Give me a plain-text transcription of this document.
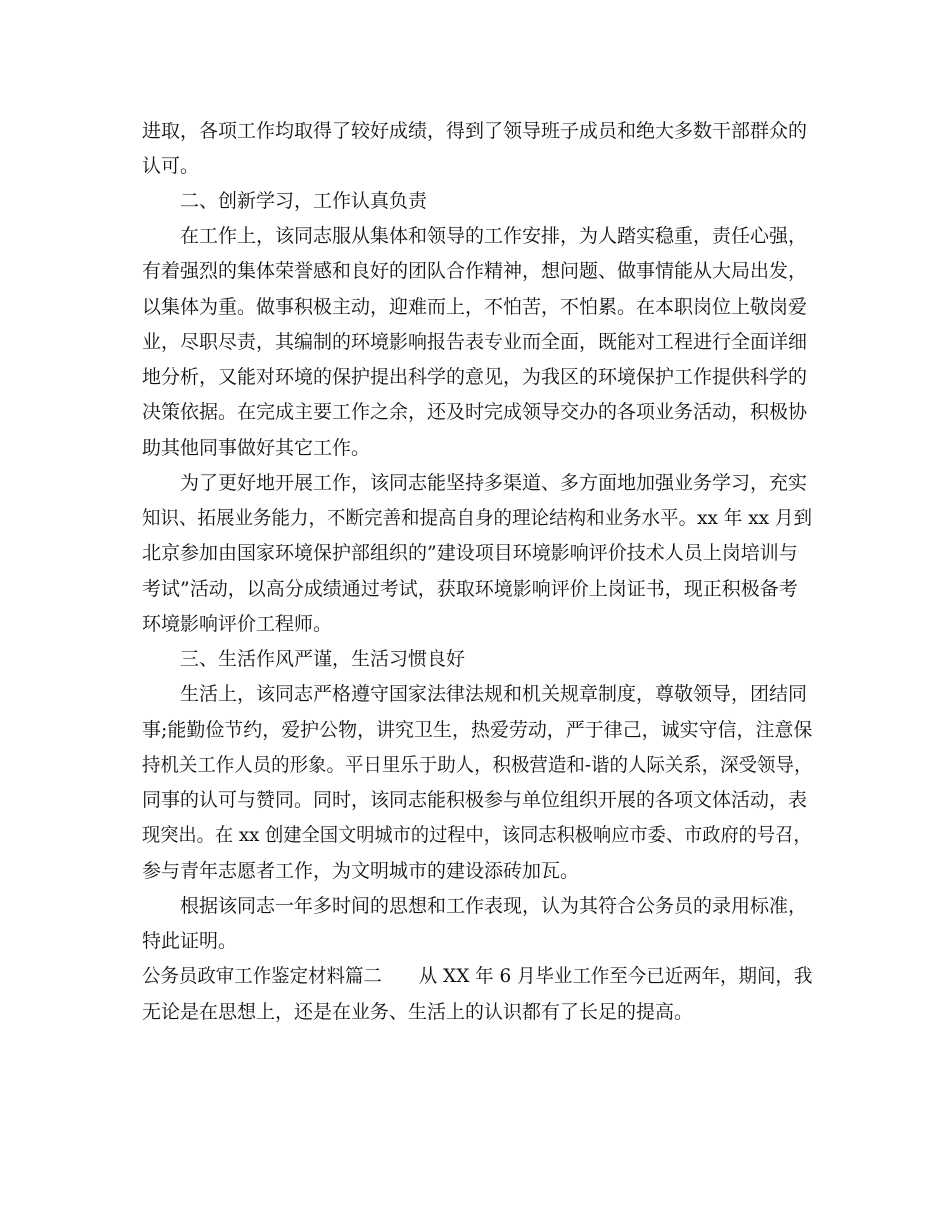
进取，各项工作均取得了较好成绩，得到了领导班子成员和绝大多数干部群众的
认可。
二、创新学习，工作认真负责
在工作上，该同志服从集体和领导的工作安排，为人踏实稳重，责任心强，
有着强烈的集体荣誉感和良好的团队合作精神，想问题、做事情能从大局出发，
以集体为重。做事积极主动，迎难而上，不怕苦，不怕累。在本职岗位上敬岗爱
业，尽职尽责，其编制的环境影响报告表专业而全面，既能对工程进行全面详细
地分析，又能对环境的保护提出科学的意见，为我区的环境保护工作提供科学的
决策依据。在完成主要工作之余，还及时完成领导交办的各项业务活动，积极协
助其他同事做好其它工作。
为了更好地开展工作，该同志能坚持多渠道、多方面地加强业务学习，充实
知识、拓展业务能力，不断完善和提高自身的理论结构和业务水平。xx 年 xx 月到
北京参加由国家环境保护部组织的”建设项目环境影响评价技术人员上岗培训与
考试”活动，以高分成绩通过考试，获取环境影响评价上岗证书，现正积极备考
环境影响评价工程师。
三、生活作风严谨，生活习惯良好
生活上，该同志严格遵守国家法律法规和机关规章制度，尊敬领导，团结同
事;能勤俭节约，爱护公物，讲究卫生，热爱劳动，严于律己，诚实守信，注意保
持机关工作人员的形象。平日里乐于助人，积极营造和-谐的人际关系，深受领导，
同事的认可与赞同。同时，该同志能积极参与单位组织开展的各项文体活动，表
现突出。在 xx 创建全国文明城市的过程中，该同志积极响应市委、市政府的号召，
参与青年志愿者工作，为文明城市的建设添砖加瓦。
根据该同志一年多时间的思想和工作表现，认为其符合公务员的录用标准，
特此证明。
公务员政审工作鉴定材料篇二　　从 XX 年 6 月毕业工作至今已近两年，期间，我
无论是在思想上，还是在业务、生活上的认识都有了长足的提高。
